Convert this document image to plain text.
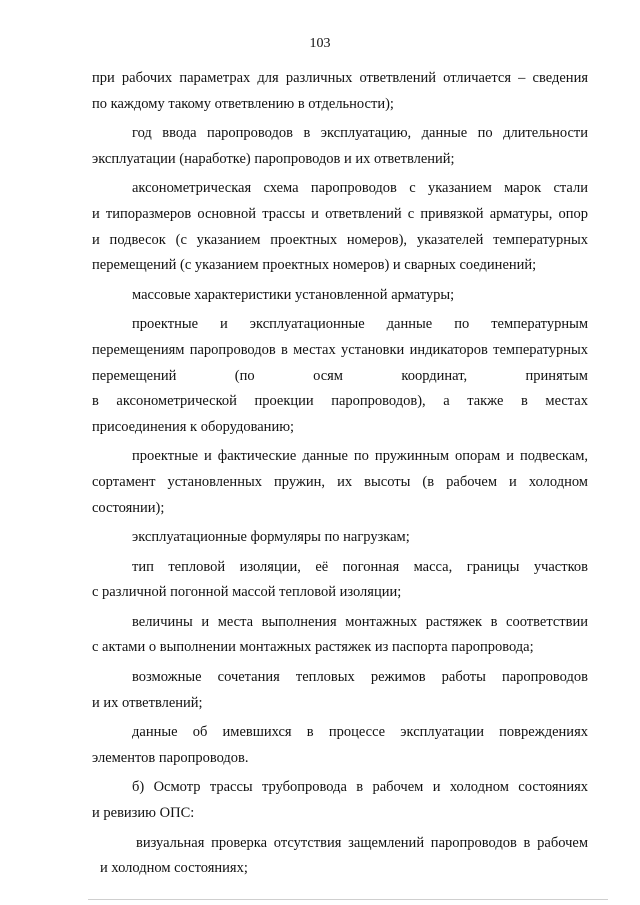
103
при рабочих параметрах для различных ответвлений отличается – сведения
по каждому такому ответвлению в отдельности);
год ввода паропроводов в эксплуатацию, данные по длительности
эксплуатации (наработке) паропроводов и их ответвлений;
аксонометрическая схема паропроводов с указанием марок стали
и типоразмеров основной трассы и ответвлений с привязкой арматуры, опор
и подвесок (с указанием проектных номеров), указателей температурных
перемещений (с указанием проектных номеров) и сварных соединений;
массовые характеристики установленной арматуры;
проектные и эксплуатационные данные по температурным
перемещениям паропроводов в местах установки индикаторов температурных
перемещений (по осям координат, принятым
в аксонометрической проекции паропроводов), а также в местах
присоединения к оборудованию;
проектные и фактические данные по пружинным опорам и подвескам,
сортамент установленных пружин, их высоты (в рабочем и холодном
состоянии);
эксплуатационные формуляры по нагрузкам;
тип тепловой изоляции, её погонная масса, границы участков
с различной погонной массой тепловой изоляции;
величины и места выполнения монтажных растяжек в соответствии
с актами о выполнении монтажных растяжек из паспорта паропровода;
возможные сочетания тепловых режимов работы паропроводов
и их ответвлений;
данные об имевшихся в процессе эксплуатации повреждениях
элементов паропроводов.
б) Осмотр трассы трубопровода в рабочем и холодном состояниях
и ревизию ОПС:
визуальная проверка отсутствия защемлений паропроводов в рабочем
и холодном состояниях;
